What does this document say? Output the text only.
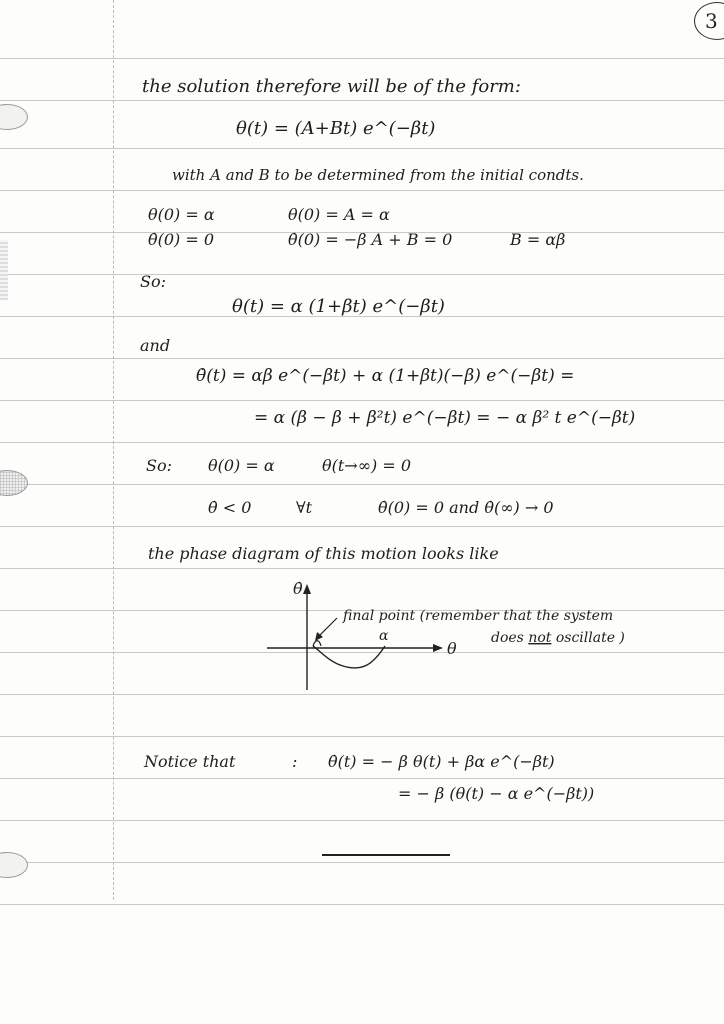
3
the solution therefore will be of the form:
θ(t) = (A+Bt) e^(−βt)
with A and B to be determined from the initial condts.
θ(0) = α	θ(0) = A = α
θ̇(0) = 0	θ̇(0) = −β A + B = 0	B = αβ
So:
θ(t) = α (1+βt) e^(−βt)
and
θ̇(t) = αβ e^(−βt) + α (1+βt)(−β) e^(−βt) =
= α (β − β + β²t) e^(−βt) = − α β² t e^(−βt)
So: θ(0) = α	θ(t→∞) = 0
θ̇ < 0	∀t	θ̇(0) = 0 and θ̇(∞) → 0
the phase diagram of this motion looks like
θ̇
θ
α
final point (remember that the system
does not oscillate )
Notice that	: θ̇(t) = − β θ(t) + βα e^(−βt)
= − β (θ(t) − α e^(−βt))
